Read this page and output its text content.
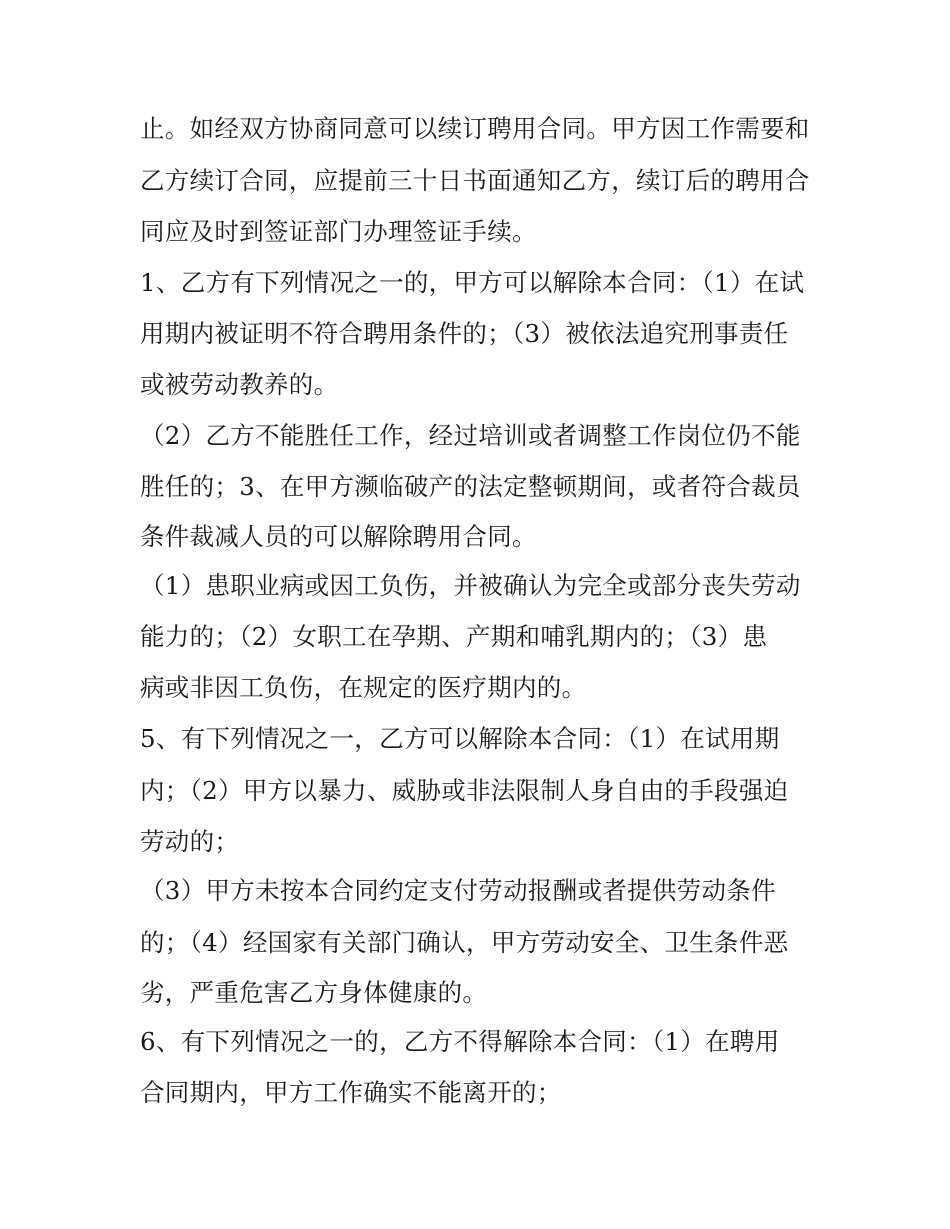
止。如经双方协商同意可以续订聘用合同。甲方因工作需要和
乙方续订合同，应提前三十日书面通知乙方，续订后的聘用合
同应及时到签证部门办理签证手续。
1、乙方有下列情况之一的，甲方可以解除本合同：（1）在试
用期内被证明不符合聘用条件的；（3）被依法追究刑事责任
或被劳动教养的。
（2）乙方不能胜任工作，经过培训或者调整工作岗位仍不能
胜任的；3、在甲方濒临破产的法定整顿期间，或者符合裁员
条件裁减人员的可以解除聘用合同。
（1）患职业病或因工负伤，并被确认为完全或部分丧失劳动
能力的；（2）女职工在孕期、产期和哺乳期内的；（3）患
病或非因工负伤，在规定的医疗期内的。
5、有下列情况之一，乙方可以解除本合同：（1）在试用期
内；（2）甲方以暴力、威胁或非法限制人身自由的手段强迫
劳动的；
（3）甲方未按本合同约定支付劳动报酬或者提供劳动条件
的；（4）经国家有关部门确认，甲方劳动安全、卫生条件恶
劣，严重危害乙方身体健康的。
6、有下列情况之一的，乙方不得解除本合同：（1）在聘用
合同期内，甲方工作确实不能离开的；
